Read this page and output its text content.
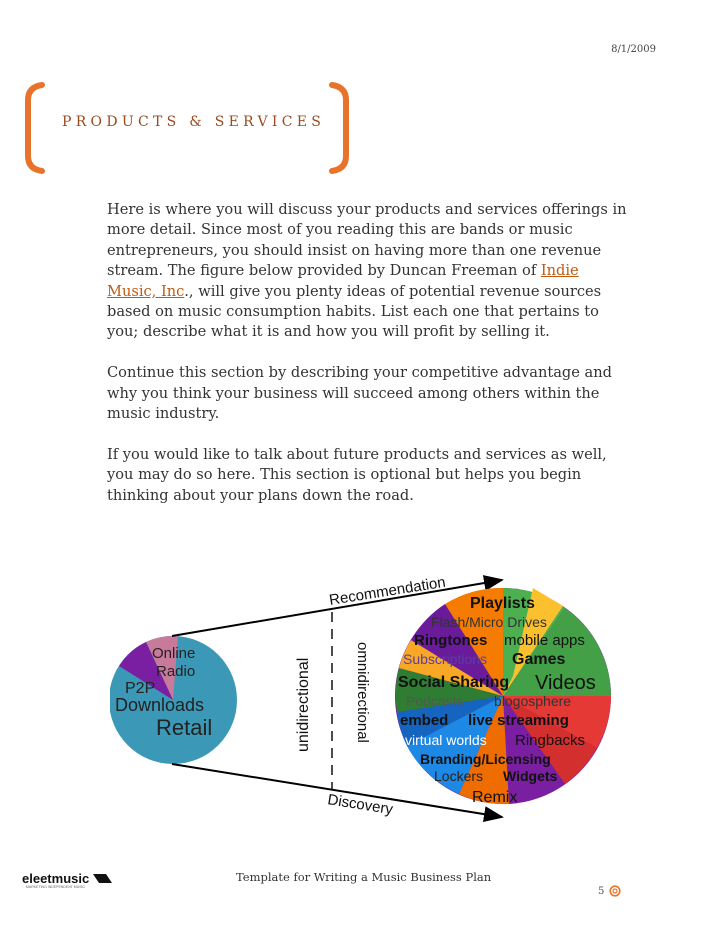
8/1/2009
PRODUCTS & SERVICES

Here is where you will discuss your products and services offerings in more detail. Since most of you reading this are bands or music entrepreneurs, you should insist on having more than one revenue stream. The figure below provided by Duncan Freeman of Indie Music, Inc., will give you plenty ideas of potential revenue sources based on music consumption habits. List each one that pertains to you; describe what it is and how you will profit by selling it.

Continue this section by describing your competitive advantage and why you think your business will succeed among others within the music industry.

If you would like to talk about future products and services as well, you may do so here. This section is optional but helps you begin thinking about your plans down the road.

Online
Radio
P2P
Downloads
Retail
Recommendation
Discovery
unidirectional	omnidirectional
Playlists
Flash/Micro Drives
Ringtones mobile apps
Subscriptions Games
Social Sharing Videos
Podcasts blogosphere
embed live streaming
virtual worlds Ringbacks
Branding/Licensing
Lockers Widgets
Remix
eleetmusic
MARKETING INDEPENDENT MUSIC
Template for Writing a Music Business Plan
5
